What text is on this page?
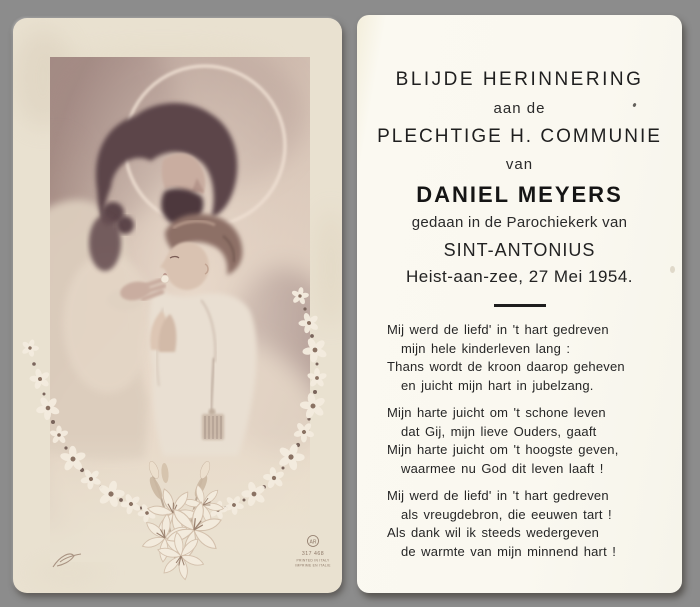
AR
317 468
PRINTED IN ITALY
IMPRIME EN ITALIE
BLIJDE HERINNERING
aan de
PLECHTIGE H. COMMUNIE
van
DANIEL MEYERS
gedaan in de Parochiekerk van
SINT-ANTONIUS
Heist-aan-zee, 27 Mei 1954.
Mij werd de liefd' in 't hart gedreven
mijn hele kinderleven lang :
Thans wordt de kroon daarop geheven
en juicht mijn hart in jubelzang.
Mijn harte juicht om 't schone leven
dat Gij, mijn lieve Ouders, gaaft
Mijn harte juicht om 't hoogste geven,
waarmee nu God dit leven laaft !
Mij werd de liefd' in 't hart gedreven
als vreugdebron, die eeuwen tart !
Als dank wil ik steeds wedergeven
de warmte van mijn minnend hart !
